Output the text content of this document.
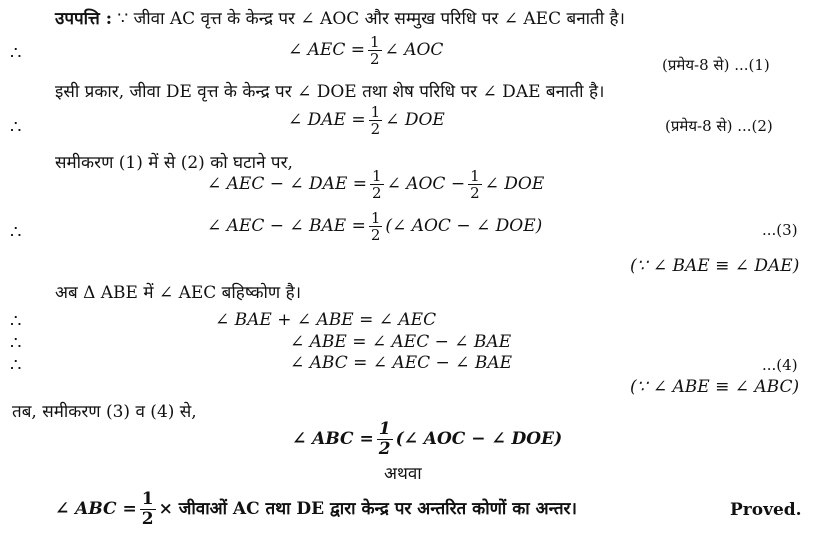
उपपत्ति : ∵ जीवा AC वृत्त के केन्द्र पर ∠ AOC और सम्मुख परिधि पर ∠ AEC बनाती है।
∴	∠ AEC = $\frac{1}{2}$ ∠ AOC
(प्रमेय-8 से) ...(1)
इसी प्रकार, जीवा DE वृत्त के केन्द्र पर ∠ DOE तथा शेष परिधि पर ∠ DAE बनाती है।
∴	∠ DAE = $\frac{1}{2}$ ∠ DOE	(प्रमेय-8 से) ...(2)
समीकरण (1) में से (2) को घटाने पर,
∠ AEC − ∠ DAE = $\frac{1}{2}$ ∠ AOC − $\frac{1}{2}$ ∠ DOE
∴	∠ AEC − ∠ BAE = $\frac{1}{2}$ (∠ AOC − ∠ DOE)	...(3)
(∵ ∠ BAE ≡ ∠ DAE)
अब Δ ABE में ∠ AEC बहिष्कोण है।
∴	∠ BAE + ∠ ABE = ∠ AEC
∴	∠ ABE = ∠ AEC − ∠ BAE
∴	∠ ABC = ∠ AEC − ∠ BAE	...(4)
(∵ ∠ ABE ≡ ∠ ABC)
तब, समीकरण (3) व (4) से,
∠ ABC = $\frac{1}{2}$ (∠ AOC − ∠ DOE)
अथवा
∠ ABC = $\frac{1}{2}$ × जीवाओं AC तथा DE द्वारा केन्द्र पर अन्तरित कोणों का अन्तर।	Proved.
